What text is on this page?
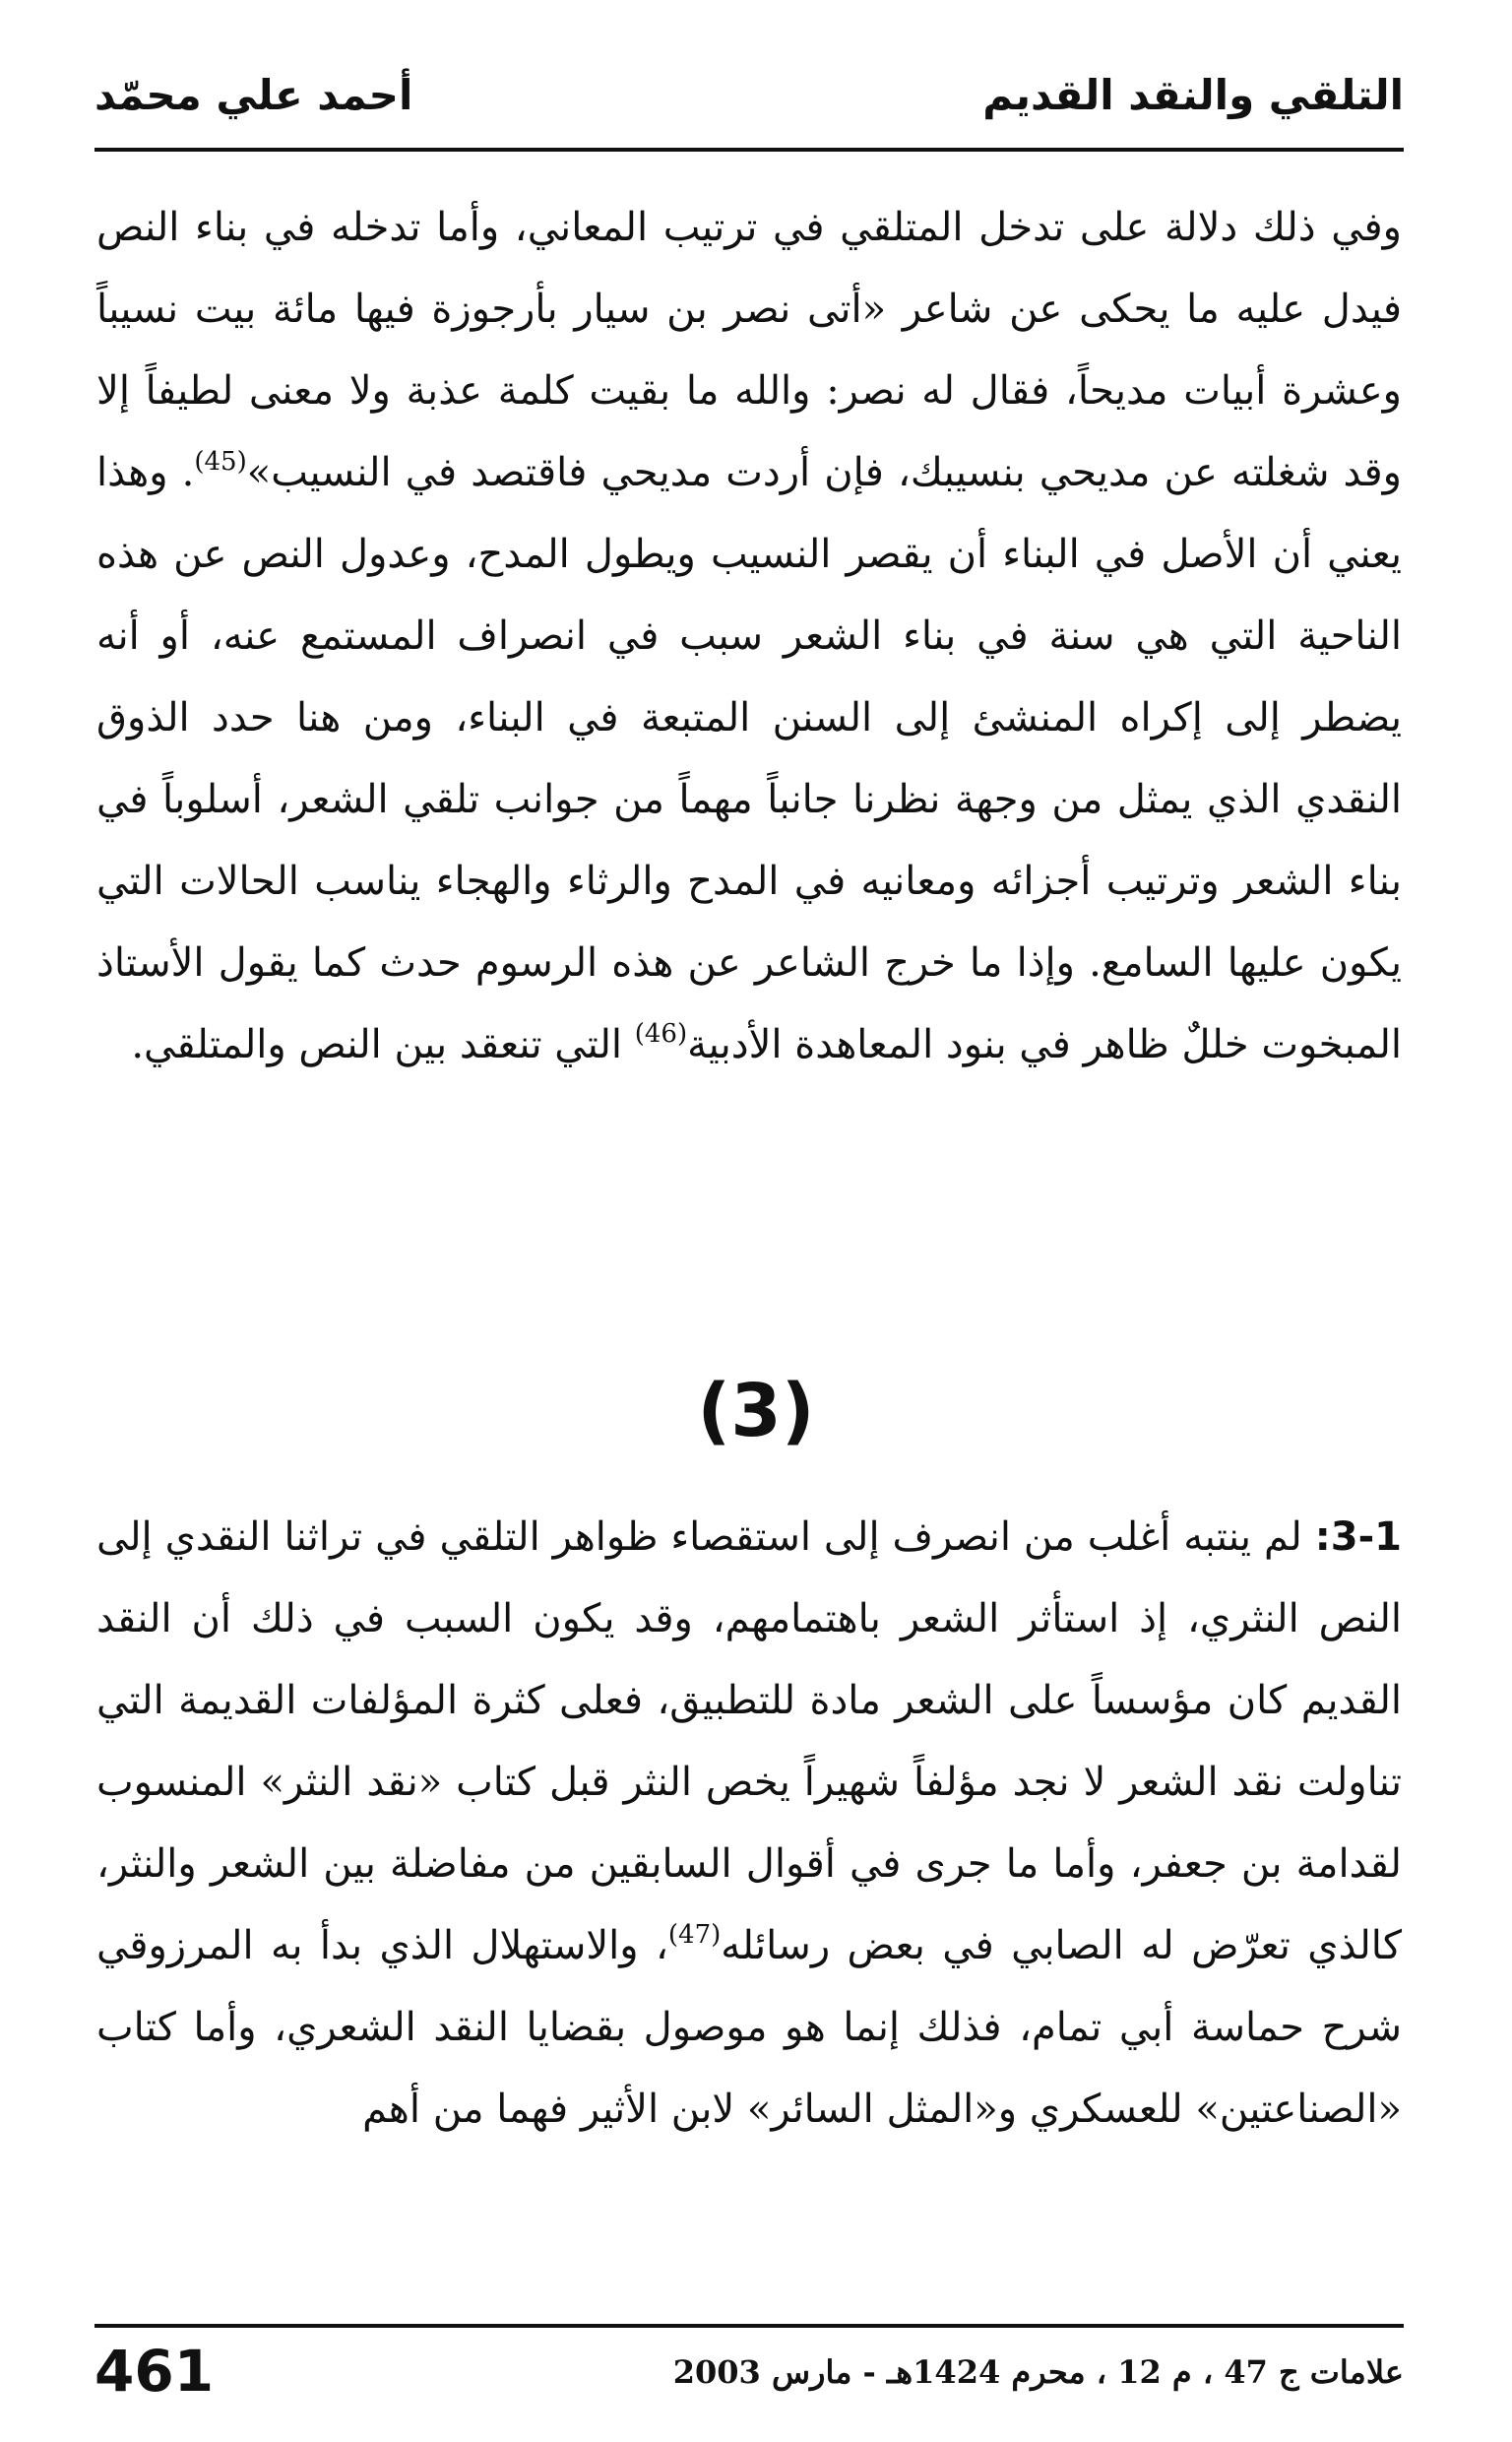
التلقي والنقد القديم
أحمد علي محمّد
وفي ذلك دلالة على تدخل المتلقي في ترتيب المعاني، وأما تدخله في بناء النص فيدل عليه ما يحكى عن شاعر «أتى نصر بن سيار بأرجوزة فيها مائة بيت نسيباً وعشرة أبيات مديحاً، فقال له نصر: والله ما بقيت كلمة عذبة ولا معنى لطيفاً إلا وقد شغلته عن مديحي بنسيبك، فإن أردت مديحي فاقتصد في النسيب»$^{(45)}$. وهذا يعني أن الأصل في البناء أن يقصر النسيب ويطول المدح، وعدول النص عن هذه الناحية التي هي سنة في بناء الشعر سبب في انصراف المستمع عنه، أو أنه يضطر إلى إكراه المنشئ إلى السنن المتبعة في البناء، ومن هنا حدد الذوق النقدي الذي يمثل من وجهة نظرنا جانباً مهماً من جوانب تلقي الشعر، أسلوباً في بناء الشعر وترتيب أجزائه ومعانيه في المدح والرثاء والهجاء يناسب الحالات التي يكون عليها السامع. وإذا ما خرج الشاعر عن هذه الرسوم حدث كما يقول الأستاذ المبخوت خللٌ ظاهر في بنود المعاهدة الأدبية$^{(46)}$ التي تنعقد بين النص والمتلقي.
(3)
3-1: لم ينتبه أغلب من انصرف إلى استقصاء ظواهر التلقي في تراثنا النقدي إلى النص النثري، إذ استأثر الشعر باهتمامهم، وقد يكون السبب في ذلك أن النقد القديم كان مؤسساً على الشعر مادة للتطبيق، فعلى كثرة المؤلفات القديمة التي تناولت نقد الشعر لا نجد مؤلفاً شهيراً يخص النثر قبل كتاب «نقد النثر» المنسوب لقدامة بن جعفر، وأما ما جرى في أقوال السابقين من مفاضلة بين الشعر والنثر، كالذي تعرّض له الصابي في بعض رسائله$^{(47)}$، والاستهلال الذي بدأ به المرزوقي شرح حماسة أبي تمام، فذلك إنما هو موصول بقضايا النقد الشعري، وأما كتاب «الصناعتين» للعسكري و«المثل السائر» لابن الأثير فهما من أهم
461	علامات ج 47 ، م 12 ، محرم 1424هـ - مارس 2003
